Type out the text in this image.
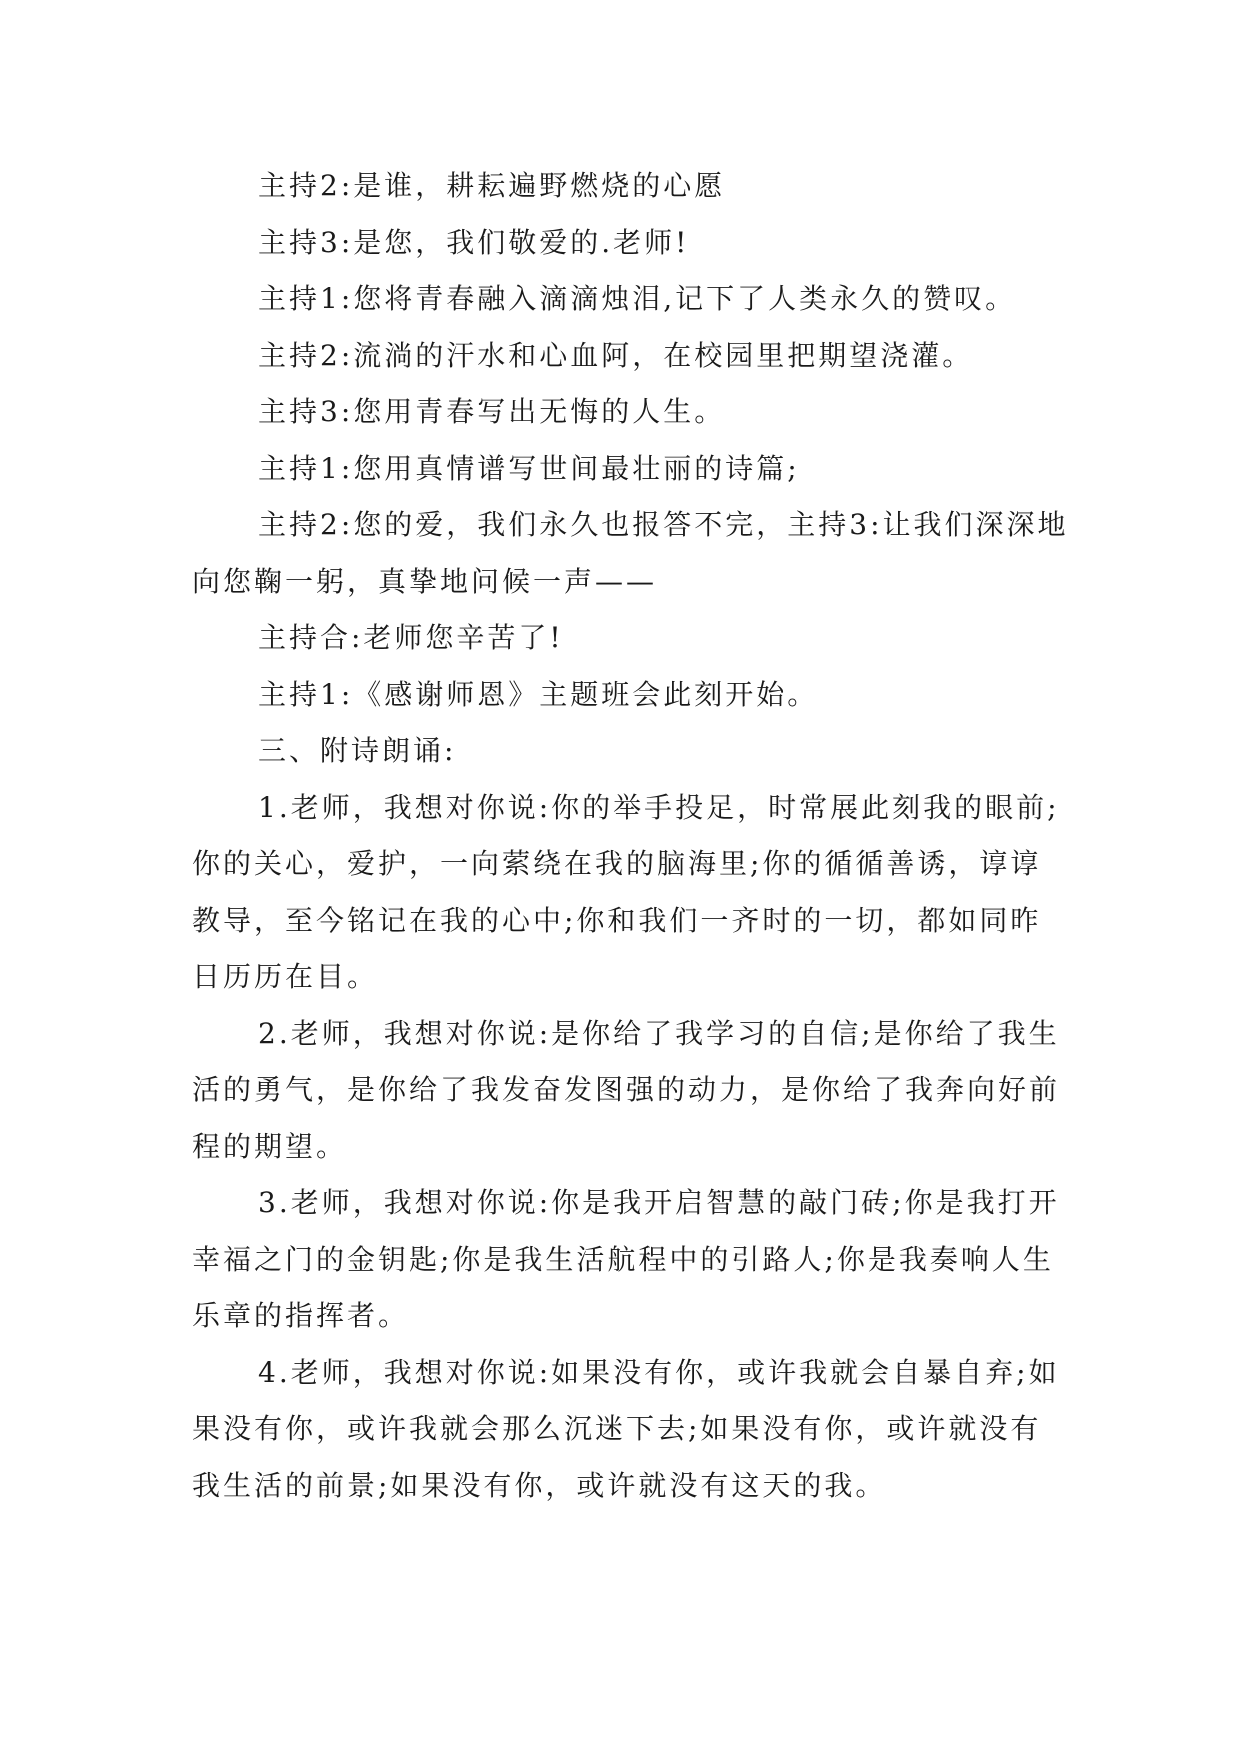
主持2:是谁，耕耘遍野燃烧的心愿

主持3:是您，我们敬爱的.老师!

主持1:您将青春融入滴滴烛泪,记下了人类永久的赞叹。

主持2:流淌的汗水和心血阿，在校园里把期望浇灌。

主持3:您用青春写出无悔的人生。

主持1:您用真情谱写世间最壮丽的诗篇;

主持2:您的爱，我们永久也报答不完，主持3:让我们深深地向您鞠一躬，真挚地问候一声——

主持合:老师您辛苦了!

主持1:《感谢师恩》主题班会此刻开始。

三、附诗朗诵:

1.老师，我想对你说:你的举手投足，时常展此刻我的眼前;你的关心，爱护，一向萦绕在我的脑海里;你的循循善诱，谆谆教导，至今铭记在我的心中;你和我们一齐时的一切，都如同昨日历历在目。

2.老师，我想对你说:是你给了我学习的自信;是你给了我生活的勇气，是你给了我发奋发图强的动力，是你给了我奔向好前程的期望。

3.老师，我想对你说:你是我开启智慧的敲门砖;你是我打开幸福之门的金钥匙;你是我生活航程中的引路人;你是我奏响人生乐章的指挥者。

4.老师，我想对你说:如果没有你，或许我就会自暴自弃;如果没有你，或许我就会那么沉迷下去;如果没有你，或许就没有我生活的前景;如果没有你，或许就没有这天的我。
